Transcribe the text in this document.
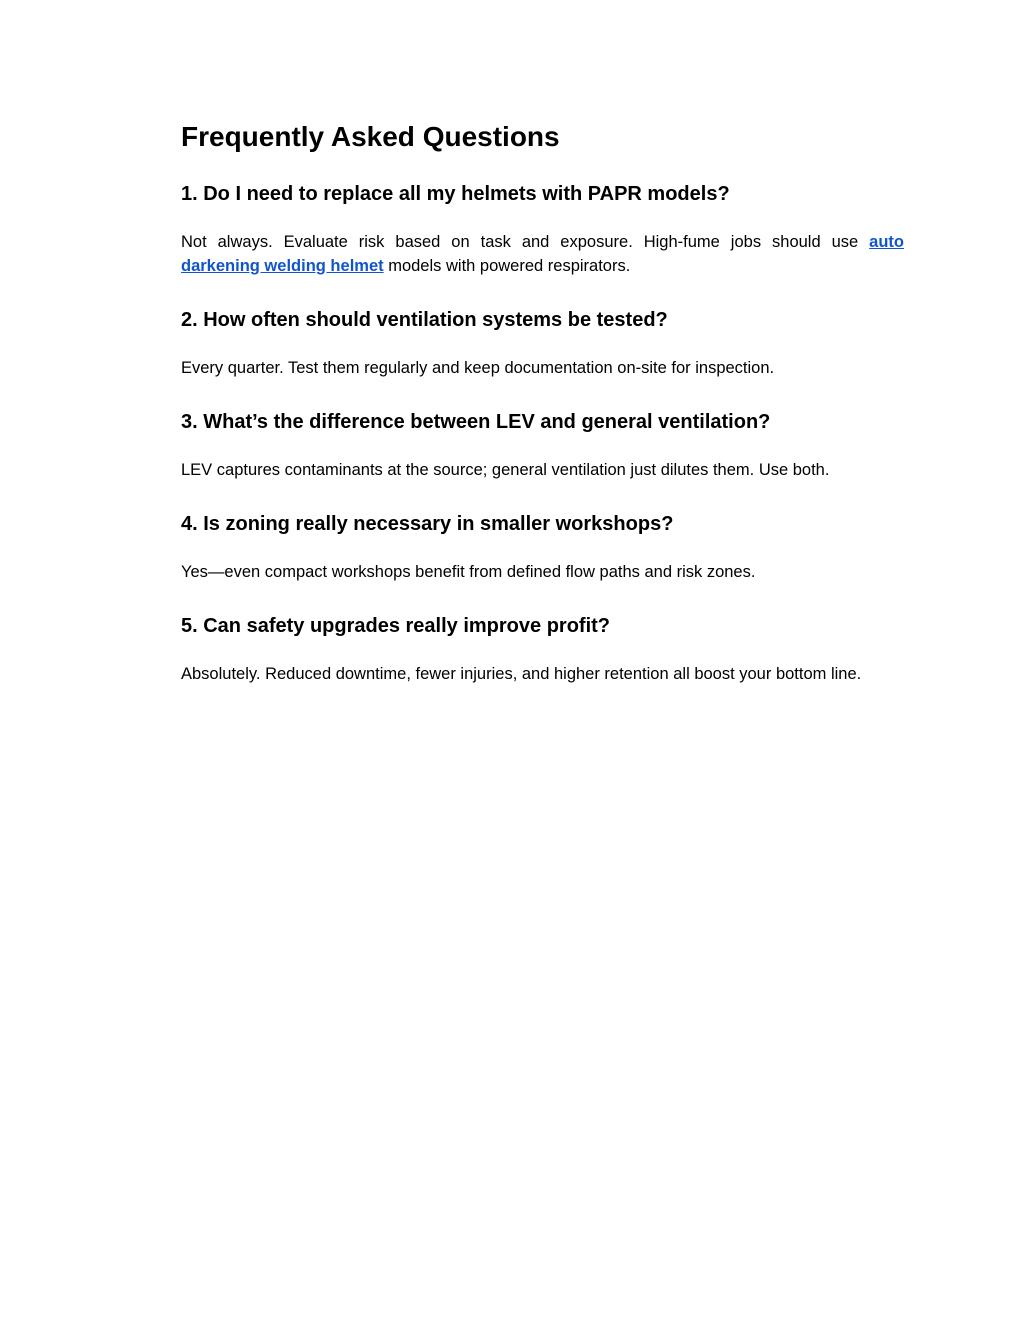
Frequently Asked Questions
1. Do I need to replace all my helmets with PAPR models?

Not always. Evaluate risk based on task and exposure. High-fume jobs should use auto darkening welding helmet models with powered respirators.

2. How often should ventilation systems be tested?

Every quarter. Test them regularly and keep documentation on-site for inspection.

3. What’s the difference between LEV and general ventilation?

LEV captures contaminants at the source; general ventilation just dilutes them. Use both.

4. Is zoning really necessary in smaller workshops?

Yes—even compact workshops benefit from defined flow paths and risk zones.

5. Can safety upgrades really improve profit?

Absolutely. Reduced downtime, fewer injuries, and higher retention all boost your bottom line.
